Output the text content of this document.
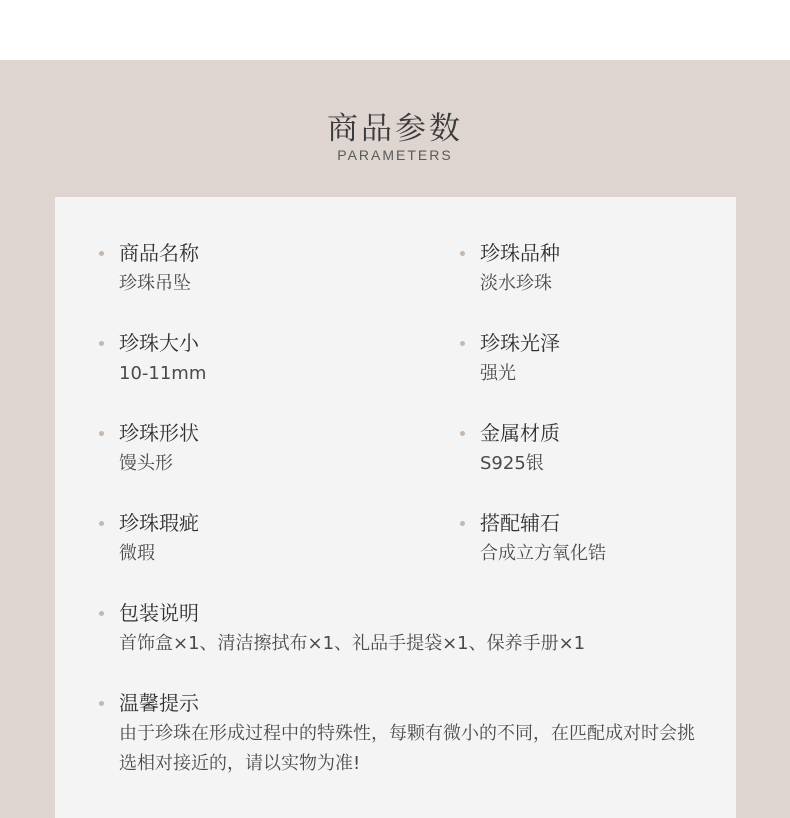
商品参数
PARAMETERS
商品名称
珍珠吊坠
珍珠品种
淡水珍珠
珍珠大小
10-11mm
珍珠光泽
强光
珍珠形状
馒头形
金属材质
S925银
珍珠瑕疵
微瑕
搭配辅石
合成立方氧化锆
包装说明
首饰盒×1、清洁擦拭布×1、礼品手提袋×1、保养手册×1
温馨提示
由于珍珠在形成过程中的特殊性，每颗有微小的不同，在匹配成对时会挑选相对接近的，请以实物为准!
